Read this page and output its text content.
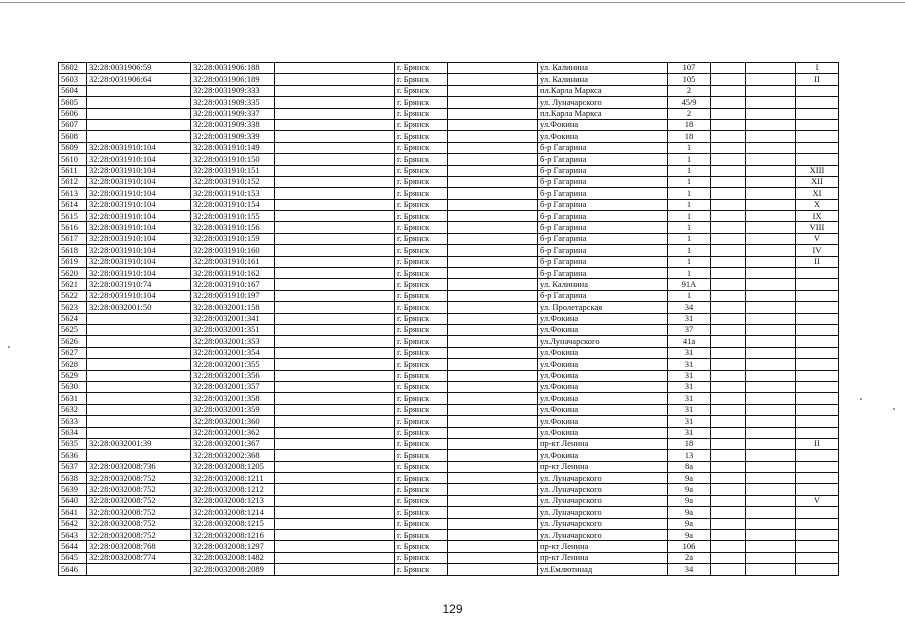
5602	32:28:0031906:59	32:28:0031906:188		г. Брянск		ул. Калинина	107			I
5603	32:28:0031906:64	32:28:0031906:189		г. Брянск		ул. Калинина	105			II
5604		32:28:0031909:333		г. Брянск		пл.Карла Маркса	2			
5605		32:28:0031909:335		г. Брянск		ул. Луначарского	45/9			
5606		32:28:0031909:337		г. Брянск		пл.Карла Маркса	2			
5607		32:28:0031909:338		г. Брянск		ул.Фокина	18			
5608		32:28:0031909:339		г. Брянск		ул.Фокина	18			
5609	32:28:0031910:104	32:28:0031910:149		г. Брянск		б-р Гагарина	1			
5610	32:28:0031910:104	32:28:0031910:150		г. Брянск		б-р Гагарина	1			
5611	32:28:0031910:104	32:28:0031910:151		г. Брянск		б-р Гагарина	1			XIII
5612	32:28:0031910:104	32:28:0031910:152		г. Брянск		б-р Гагарина	1			XII
5613	32:28:0031910:104	32:28:0031910:153		г. Брянск		б-р Гагарина	1			XI
5614	32:28:0031910:104	32:28:0031910:154		г. Брянск		б-р Гагарина	1			X
5615	32:28:0031910:104	32:28:0031910:155		г. Брянск		б-р Гагарина	1			IX
5616	32:28:0031910:104	32:28:0031910:156		г. Брянск		б-р Гагарина	1			VIII
5617	32:28:0031910:104	32:28:0031910:159		г. Брянск		б-р Гагарина	1			V
5618	32:28:0031910:104	32:28:0031910:160		г. Брянск		б-р Гагарина	1			IV
5619	32:28:0031910:104	32:28:0031910:161		г. Брянск		б-р Гагарина	1			II
5620	32:28:0031910:104	32:28:0031910:162		г. Брянск		б-р Гагарина	1			
5621	32:28:0031910:74	32:28:0031910:167		г. Брянск		ул. Калинина	91А			
5622	32:28:0031910:104	32:28:0031910:197		г. Брянск		б-р Гагарина	1			
5623	32:28:0032001:50	32:28:0032001:158		г. Брянск		ул. Пролетарская	34			
5624		32:28:0032001:341		г. Брянск		ул.Фокина	31			
5625		32:28:0032001:351		г. Брянск		ул.Фокина	37			
5626		32:28:0032001:353		г. Брянск		ул.Луначарского	41а			
5627		32:28:0032001:354		г. Брянск		ул.Фокина	31			
5628		32:28:0032001:355		г. Брянск		ул.Фокина	31			
5629		32:28:0032001:356		г. Брянск		ул.Фокина	31			
5630		32:28:0032001:357		г. Брянск		ул.Фокина	31			
5631		32:28:0032001:358		г. Брянск		ул.Фокина	31			
5632		32:28:0032001:359		г. Брянск		ул.Фокина	31			
5633		32:28:0032001:360		г. Брянск		ул.Фокина	31			
5634		32:28:0032001:362		г. Брянск		ул.Фокина	31			
5635	32:28:0032001:39	32:28:0032001:367		г. Брянск		пр-кт Ленина	18			II
5636		32:28:0032002:368		г. Брянск		ул.Фокина	13			
5637	32:28:0032008:736	32:28:0032008:1205		г. Брянск		пр-кт Ленина	8а			
5638	32:28:0032008:752	32:28:0032008:1211		г. Брянск		ул. Луначарского	9а			
5639	32:28:0032008:752	32:28:0032008:1212		г. Брянск		ул. Луначарского	9а			
5640	32:28:0032008:752	32:28:0032008:1213		г. Брянск		ул. Луначарского	9а			V
5641	32:28:0032008:752	32:28:0032008:1214		г. Брянск		ул. Луначарского	9а			
5642	32:28:0032008:752	32:28:0032008:1215		г. Брянск		ул. Луначарского	9а			
5643	32:28:0032008:752	32:28:0032008:1216		г. Брянск		ул. Луначарского	9а			
5644	32:28:0032008:768	32:28:0032008:1297		г. Брянск		пр-кт Ленина	106			
5645	32:28:0032008:774	32:28:0032008:1482		г. Брянск		пр-кт Ленина	2а			
5646		32:28:0032008:2089		г. Брянск		ул.Емлютинад	34			
129
